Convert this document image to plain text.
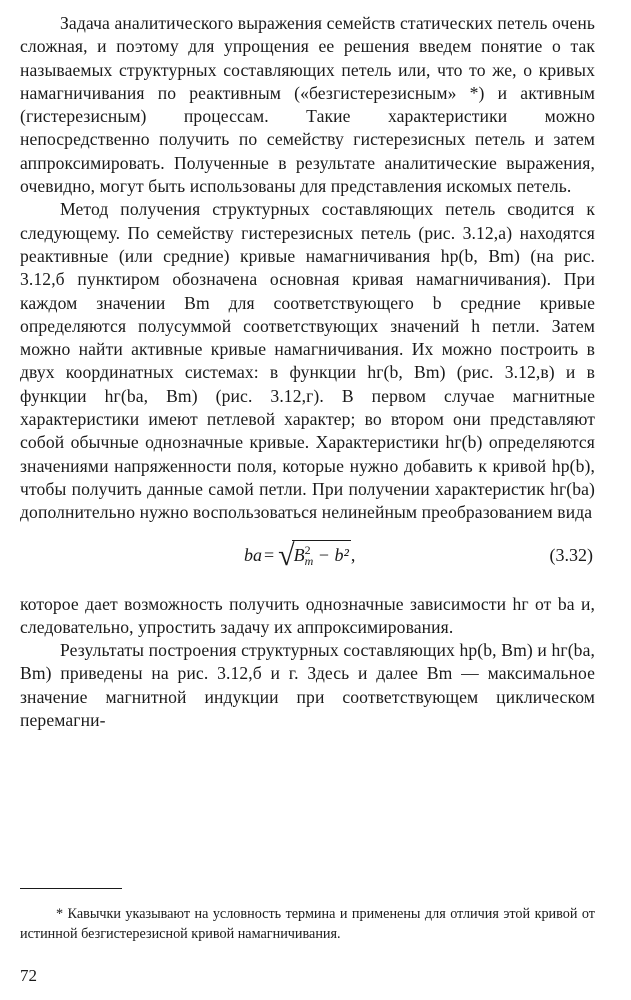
Задача аналитического выражения семейств статических петель очень сложная, и поэтому для упрощения ее решения введем понятие о так называемых структурных составляющих петель или, что то же, о кривых намагничивания по реактивным («безгистерезисным» *) и активным (гистерезисным) процессам. Такие характеристики можно непосредственно получить по семейству гистерезисных петель и затем аппроксимировать. Полученные в результате аналитические выражения, очевидно, могут быть использованы для представления искомых петель.

Метод получения структурных составляющих петель сводится к следующему. По семейству гистерезисных петель (рис. 3.12,а) находятся реактивные (или средние) кривые намагничивания hр(b, Bm) (на рис. 3.12,б пунктиром обозначена основная кривая намагничивания). При каждом значении Bm для соответствующего b средние кривые определяются полусуммой соответствующих значений h петли. Затем можно найти активные кривые намагничивания. Их можно построить в двух координатных системах: в функции hг(b, Bm) (рис. 3.12,в) и в функции hг(bа, Bm) (рис. 3.12,г). В первом случае магнитные характеристики имеют петлевой характер; во втором они представляют собой обычные однозначные кривые. Характеристики hг(b) определяются значениями напряженности поля, которые нужно добавить к кривой hр(b), чтобы получить данные самой петли. При получении характеристик hг(bа) дополнительно нужно воспользоваться нелинейным преобразованием вида

bа = $√B^2_m - b^2$ ,	(3.32)

которое дает возможность получить однозначные зависимости hг от bа и, следовательно, упростить задачу их аппроксимирования.

Результаты построения структурных составляющих hр(b, Bm) и hг(bа, Bm) приведены на рис. 3.12,б и г. Здесь и далее Bm — максимальное значение магнитной индукции при соответствующем циклическом перемагни-

* Кавычки указывают на условность термина и применены для отличия этой кривой от истинной безгистерезисной кривой намагничивания.

72
